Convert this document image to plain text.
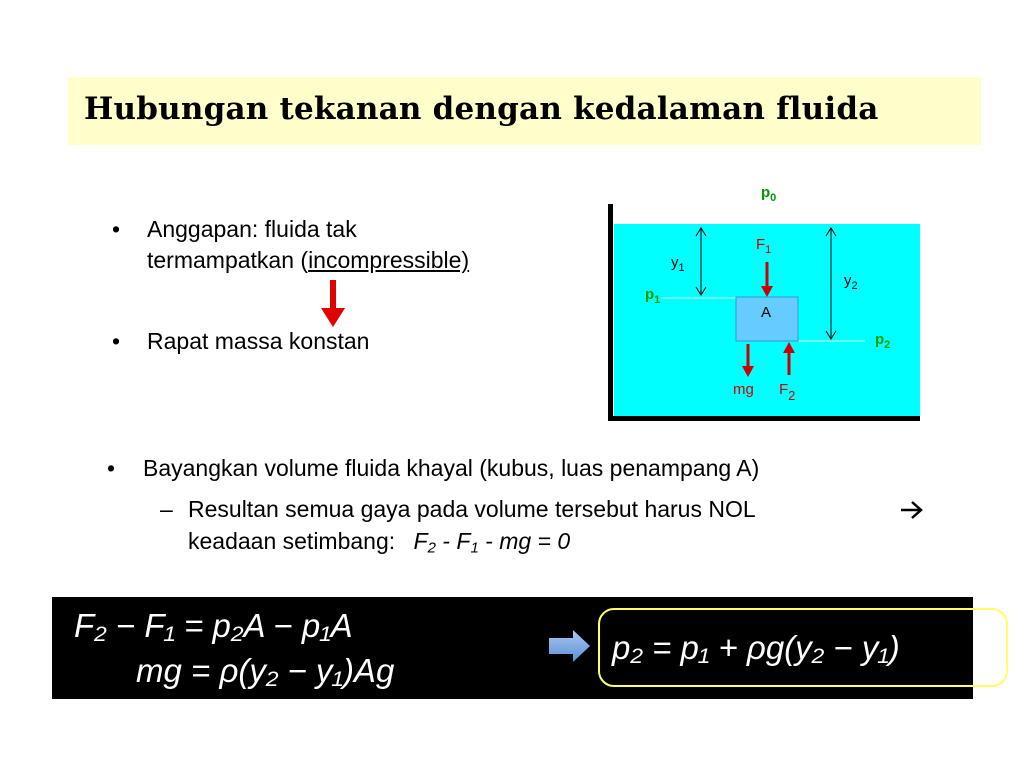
Hubungan tekanan dengan kedalaman fluida
• Anggapan: fluida tak
termampatkan (incompressible)
• Rapat massa konstan
$p_0$
$F_1$
$y_1$
$y_2$
$p_1$
A
$p_2$
mg F2
• Bayangkan volume fluida khayal (kubus, luas penampang A)
– Resultan semua gaya pada volume tersebut harus NOL
keadaan setimbang: $F_2 - F_1$ - mg = 0
F₂ − F₁ = p₂A − p₁A
mg = ρ(y₂ − y₁)Ag
p₂ = p₁ + ρg(y₂ − y₁)
